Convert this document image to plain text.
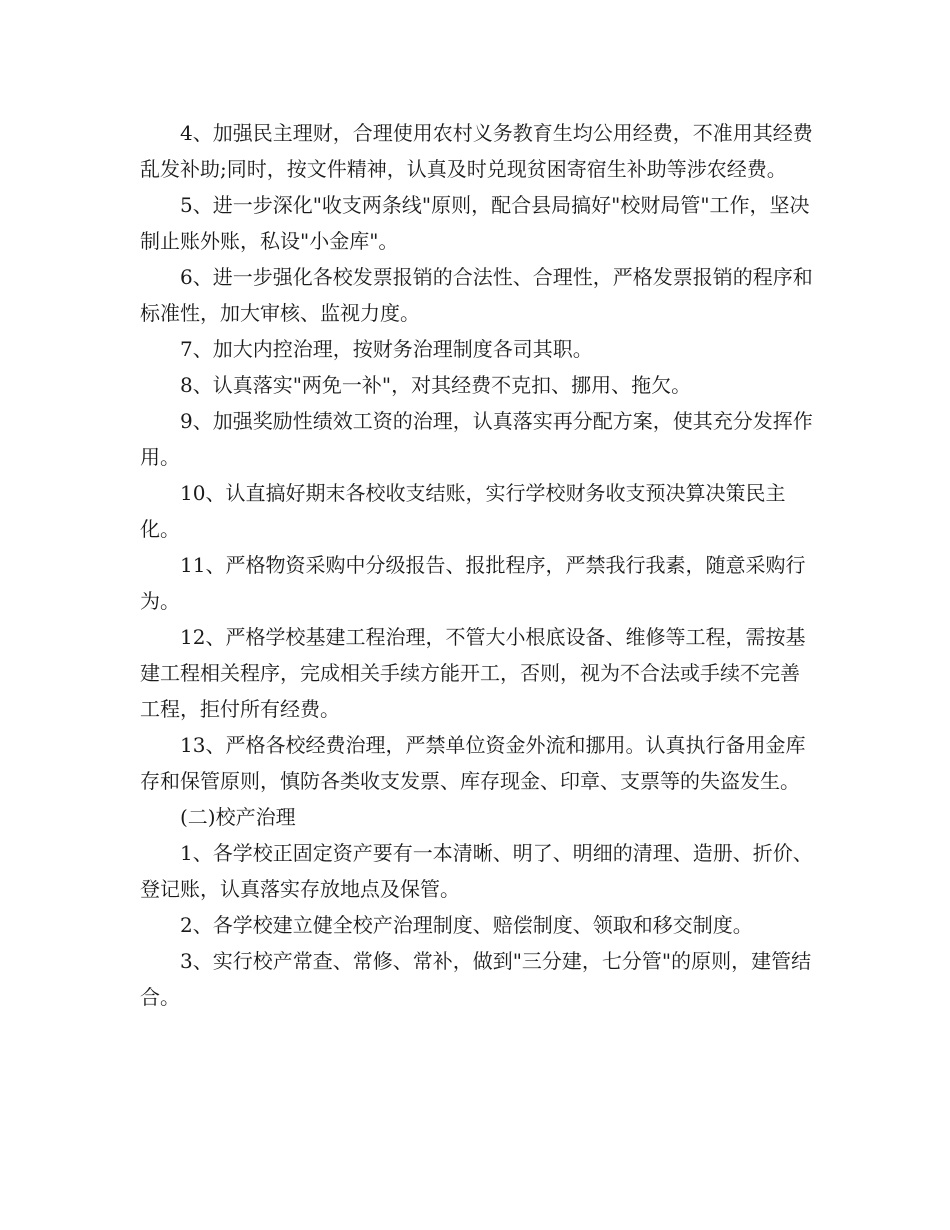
4、加强民主理财，合理使用农村义务教育生均公用经费，不准用其经费乱发补助;同时，按文件精神，认真及时兑现贫困寄宿生补助等涉农经费。

5、进一步深化"收支两条线"原则，配合县局搞好"校财局管"工作，坚决制止账外账，私设"小金库"。

6、进一步强化各校发票报销的合法性、合理性，严格发票报销的程序和标准性，加大审核、监视力度。

7、加大内控治理，按财务治理制度各司其职。

8、认真落实"两免一补"，对其经费不克扣、挪用、拖欠。

9、加强奖励性绩效工资的治理，认真落实再分配方案，使其充分发挥作用。

10、认直搞好期末各校收支结账，实行学校财务收支预决算决策民主化。

11、严格物资采购中分级报告、报批程序，严禁我行我素，随意采购行为。

12、严格学校基建工程治理，不管大小根底设备、维修等工程，需按基建工程相关程序，完成相关手续方能开工，否则，视为不合法或手续不完善工程，拒付所有经费。

13、严格各校经费治理，严禁单位资金外流和挪用。认真执行备用金库存和保管原则，慎防各类收支发票、库存现金、印章、支票等的失盗发生。

(二)校产治理

1、各学校正固定资产要有一本清晰、明了、明细的清理、造册、折价、登记账，认真落实存放地点及保管。

2、各学校建立健全校产治理制度、赔偿制度、领取和移交制度。

3、实行校产常查、常修、常补，做到"三分建，七分管"的原则，建管结合。
